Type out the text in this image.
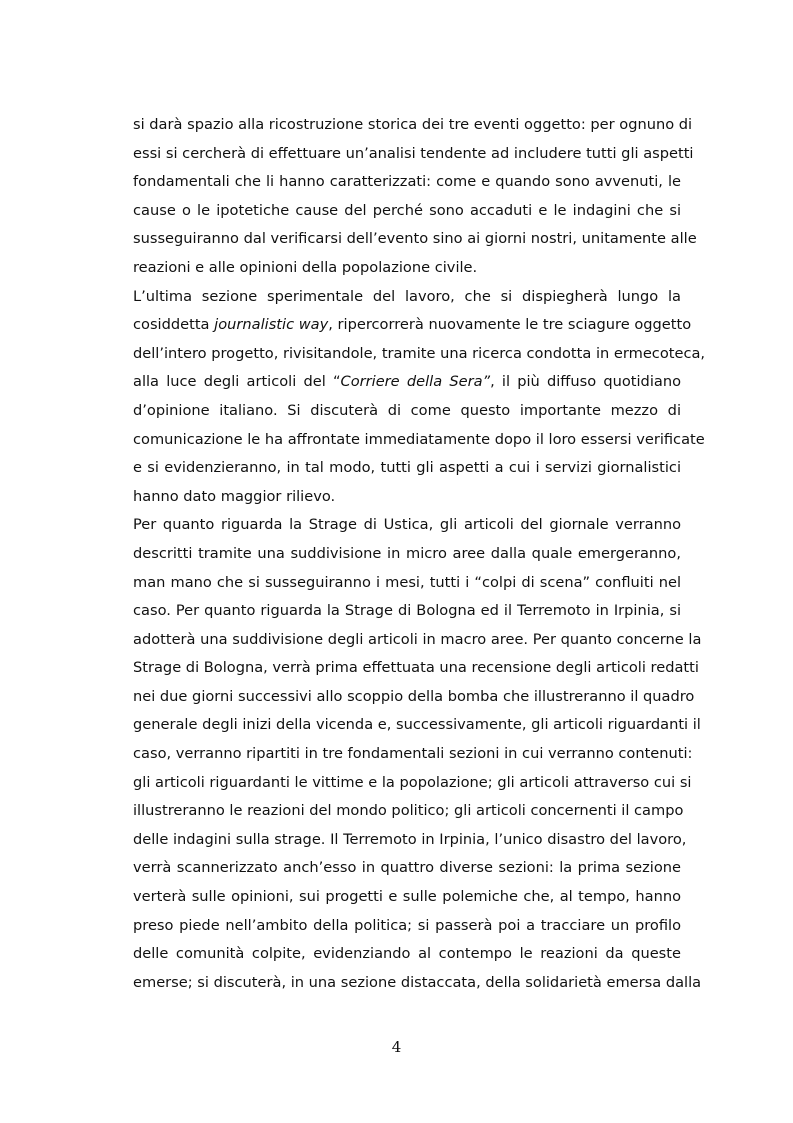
si darà spazio alla ricostruzione storica dei tre eventi oggetto: per ognuno di
essi si cercherà di effettuare un’analisi tendente ad includere tutti gli aspetti
fondamentali che li hanno caratterizzati: come e quando sono avvenuti, le
cause o le ipotetiche cause del perché sono accaduti e le indagini che si
susseguiranno dal verificarsi dell’evento sino ai giorni nostri, unitamente alle
reazioni e alle opinioni della popolazione civile.
L’ultima sezione sperimentale del lavoro, che si dispiegherà lungo la
cosiddetta journalistic way, ripercorrerà nuovamente le tre sciagure oggetto
dell’intero progetto, rivisitandole, tramite una ricerca condotta in ermecoteca,
alla luce degli articoli del “Corriere della Sera”, il più diffuso quotidiano
d’opinione italiano. Si discuterà di come questo importante mezzo di
comunicazione le ha affrontate immediatamente dopo il loro essersi verificate
e si evidenzieranno, in tal modo, tutti gli aspetti a cui i servizi giornalistici
hanno dato maggior rilievo.
Per quanto riguarda la Strage di Ustica, gli articoli del giornale verranno
descritti tramite una suddivisione in micro aree dalla quale emergeranno,
man mano che si susseguiranno i mesi, tutti i “colpi di scena” confluiti nel
caso. Per quanto riguarda la Strage di Bologna ed il Terremoto in Irpinia, si
adotterà una suddivisione degli articoli in macro aree. Per quanto concerne la
Strage di Bologna, verrà prima effettuata una recensione degli articoli redatti
nei due giorni successivi allo scoppio della bomba che illustreranno il quadro
generale degli inizi della vicenda e, successivamente, gli articoli riguardanti il
caso, verranno ripartiti in tre fondamentali sezioni in cui verranno contenuti:
gli articoli riguardanti le vittime e la popolazione; gli articoli attraverso cui si
illustreranno le reazioni del mondo politico; gli articoli concernenti il campo
delle indagini sulla strage. Il Terremoto in Irpinia, l’unico disastro del lavoro,
verrà scannerizzato anch’esso in quattro diverse sezioni: la prima sezione
verterà sulle opinioni, sui progetti e sulle polemiche che, al tempo, hanno
preso piede nell’ambito della politica; si passerà poi a tracciare un profilo
delle comunità colpite, evidenziando al contempo le reazioni da queste
emerse; si discuterà, in una sezione distaccata, della solidarietà emersa dalla
4
